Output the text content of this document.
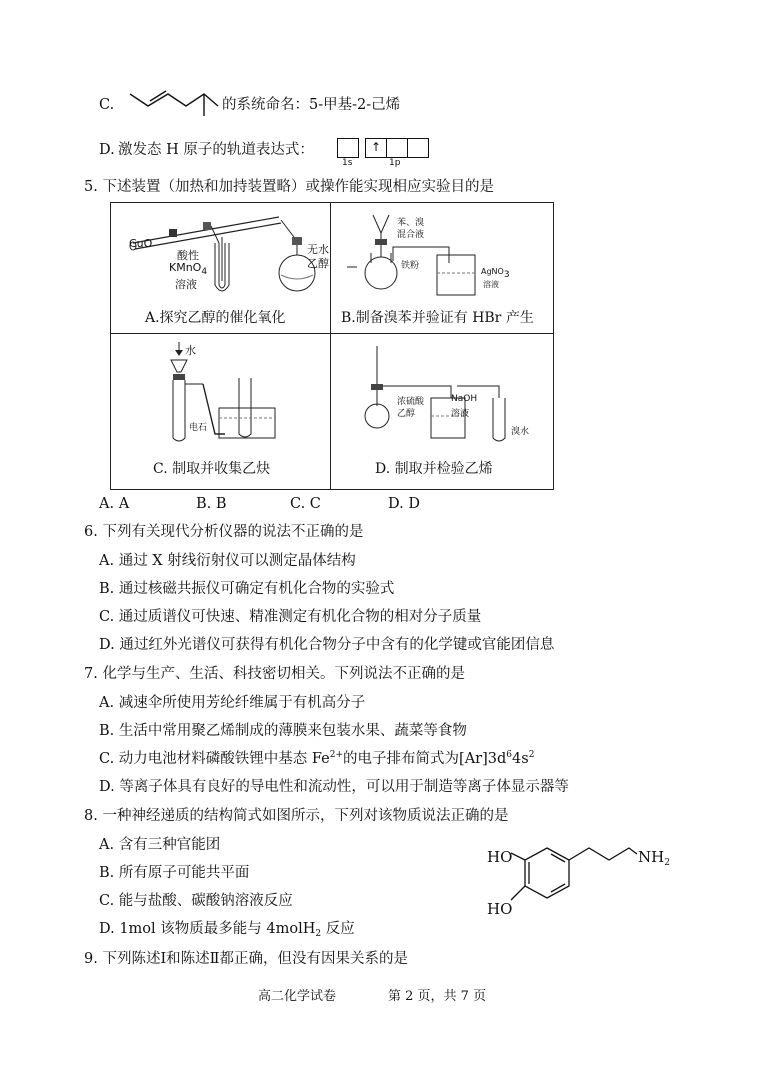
C.	的系统命名：5-甲基-2-己烯
D. 激发态 H 原子的轨道表达式：	↑
1s	1p
5. 下述装置（加热和加持装置略）或操作能实现相应实验目的是
CuO
酸性
KMnO$_4$
溶液
无水
乙醇
A.探究乙醇的催化氧化
苯、溴
混合液
铁粉
AgNO$_3$
溶液
B.制备溴苯并验证有 HBr 产生
水
电石
C. 制取并收集乙炔
浓硫酸
乙醇
NaOH
溶液
溴水
D. 制取并检验乙烯
A. A	B. B	C. C	D. D
6. 下列有关现代分析仪器的说法不正确的是
A. 通过 X 射线衍射仪可以测定晶体结构
B. 通过核磁共振仪可确定有机化合物的实验式
C. 通过质谱仪可快速、精准测定有机化合物的相对分子质量
D. 通过红外光谱仪可获得有机化合物分子中含有的化学键或官能团信息
7. 化学与生产、生活、科技密切相关。下列说法不正确的是
A. 减速伞所使用芳纶纤维属于有机高分子
B. 生活中常用聚乙烯制成的薄膜来包装水果、蔬菜等食物
C. 动力电池材料磷酸铁锂中基态 $Fe^{2+}$的电子排布简式为$[Ar]3d^64s^2$
D. 等离子体具有良好的导电性和流动性，可以用于制造等离子体显示器等
8. 一种神经递质的结构简式如图所示，下列对该物质说法正确的是
A. 含有三种官能团
B. 所有原子可能共平面
C. 能与盐酸、碳酸钠溶液反应
D. 1mol 该物质最多能与 4molH$_2$ 反应
HO
HO
$NH_2$
9. 下列陈述Ⅰ和陈述Ⅱ都正确，但没有因果关系的是
高二化学试卷	第 2 页，共 7 页
